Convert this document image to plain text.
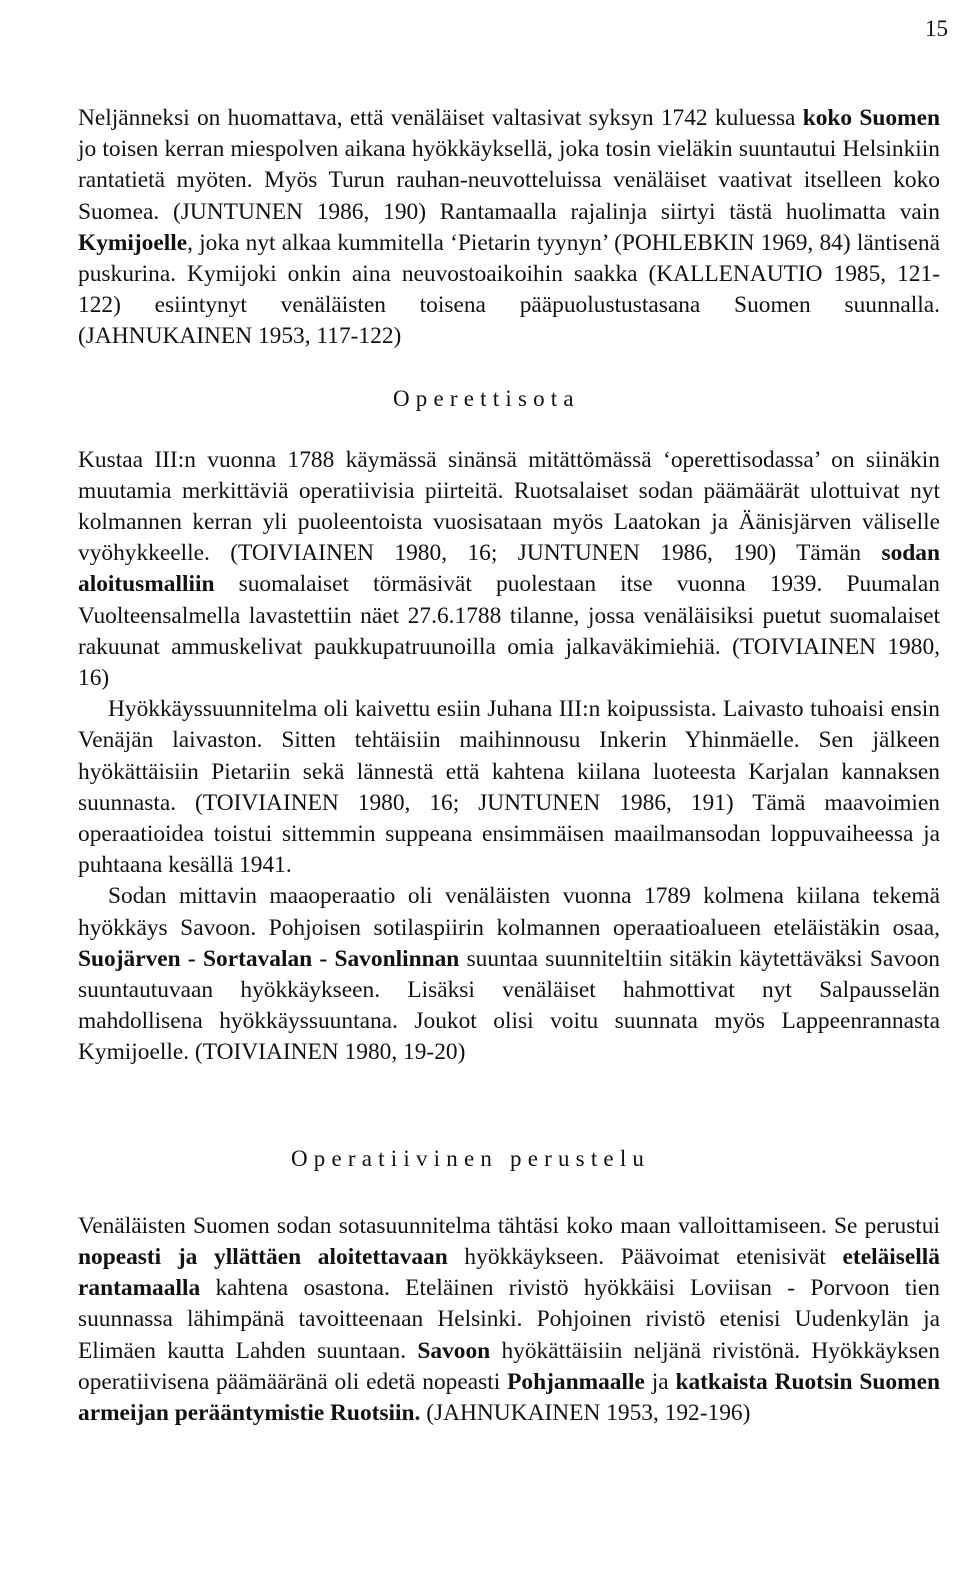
15

Neljänneksi on huomattava, että venäläiset valtasivat syksyn 1742 kuluessa koko Suomen jo toisen kerran miespolven aikana hyökkäyksellä, joka tosin vieläkin suuntautui Helsinkiin rantatietä myöten. Myös Turun rauhan-neuvotteluissa venäläiset vaativat itselleen koko Suomea. (JUNTUNEN 1986, 190) Rantamaalla rajalinja siirtyi tästä huolimatta vain Kymijoelle, joka nyt alkaa kummitella ‘Pietarin tyynyn’ (POHLEBKIN 1969, 84) läntisenä puskurina. Kymijoki onkin aina neuvostoaikoihin saakka (KALLENAUTIO 1985, 121-122) esiintynyt venäläisten toisena pääpuolustustasana Suomen suunnalla. (JAHNUKAINEN 1953, 117-122)

Operettisota

Kustaa III:n vuonna 1788 käymässä sinänsä mitättömässä ‘operettisodassa’ on siinäkin muutamia merkittäviä operatiivisia piirteitä. Ruotsalaiset sodan päämäärät ulottuivat nyt kolmannen kerran yli puoleentoista vuosisataan myös Laatokan ja Äänisjärven väliselle vyöhykkeelle. (TOIVIAINEN 1980, 16; JUNTUNEN 1986, 190) Tämän sodan aloitusmalliin suomalaiset törmäsivät puolestaan itse vuonna 1939. Puumalan Vuolteensalmella lavastettiin näet 27.6.1788 tilanne, jossa venäläisiksi puetut suomalaiset rakuunat ammuskelivat paukkupatruunoilla omia jalkaväkimiehiä. (TOIVIAINEN 1980, 16)

Hyökkäyssuunnitelma oli kaivettu esiin Juhana III:n koipussista. Laivasto tuhoaisi ensin Venäjän laivaston. Sitten tehtäisiin maihinnousu Inkerin Yhinmäelle. Sen jälkeen hyökättäisiin Pietariin sekä lännestä että kahtena kiilana luoteesta Karjalan kannaksen suunnasta. (TOIVIAINEN 1980, 16; JUNTUNEN 1986, 191) Tämä maavoimien operaatioidea toistui sittemmin suppeana ensimmäisen maailmansodan loppuvaiheessa ja puhtaana kesällä 1941.

Sodan mittavin maaoperaatio oli venäläisten vuonna 1789 kolmena kiilana tekemä hyökkäys Savoon. Pohjoisen sotilaspiirin kolmannen operaatioalueen eteläistäkin osaa, Suojärven - Sortavalan - Savonlinnan suuntaa suunniteltiin sitäkin käytettäväksi Savoon suuntautuvaan hyökkäykseen. Lisäksi venäläiset hahmottivat nyt Salpausselän mahdollisena hyökkäyssuuntana. Joukot olisi voitu suunnata myös Lappeenrannasta Kymijoelle. (TOIVIAINEN 1980, 19-20)

Operatiivinen perustelu

Venäläisten Suomen sodan sotasuunnitelma tähtäsi koko maan valloittamiseen. Se perustui nopeasti ja yllättäen aloitettavaan hyökkäykseen. Päävoimat etenisivät eteläisellä rantamaalla kahtena osastona. Eteläinen rivistö hyökkäisi Loviisan - Porvoon tien suunnassa lähimpänä tavoitteenaan Helsinki. Pohjoinen rivistö etenisi Uudenkylän ja Elimäen kautta Lahden suuntaan. Savoon hyökättäisiin neljänä rivistönä. Hyökkäyksen operatiivisena päämääränä oli edetä nopeasti Pohjanmaalle ja katkaista Ruotsin Suomen armeijan perääntymistie Ruotsiin. (JAHNUKAINEN 1953, 192-196)
